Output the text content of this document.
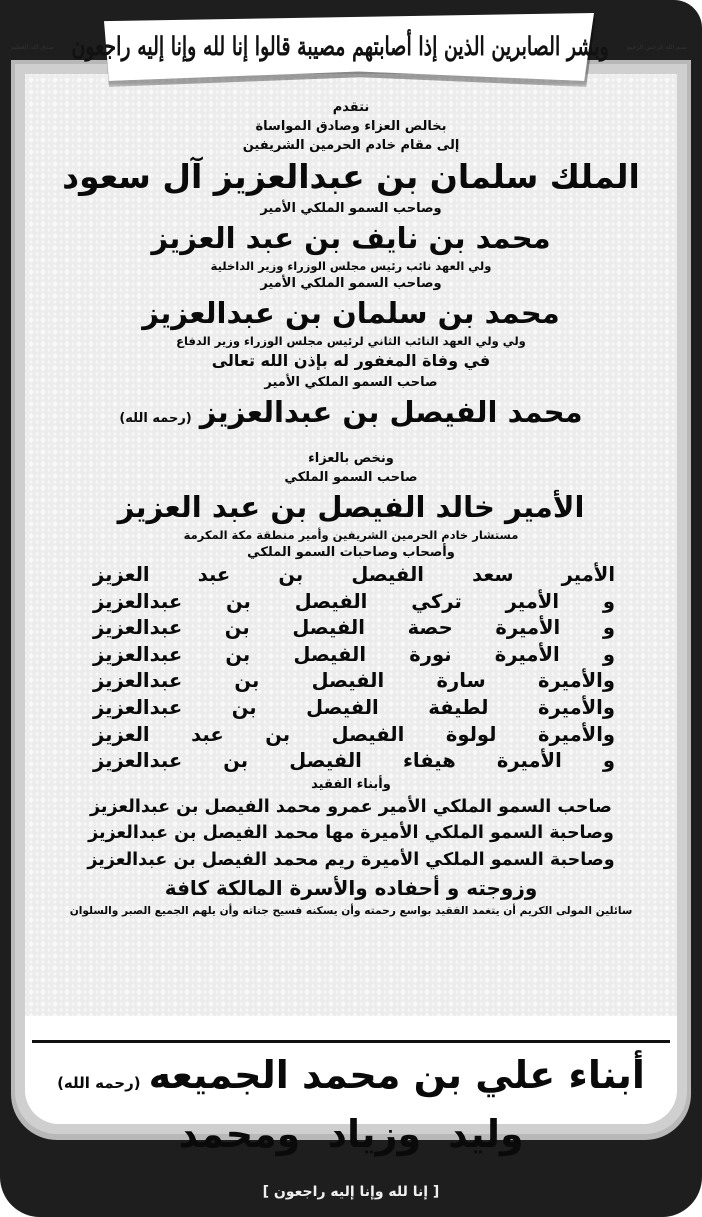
بسم الله الرحمن الرحيم
وبشر الصابرين الذين إذا أصابتهم مصيبة قالوا إنا لله وإنا إليه راجعون
صدق الله العظيم
نتقدم
بخالص العزاء وصادق المواساة
إلى مقام خادم الحرمين الشريفين
الملك سلمان بن عبدالعزيز آل سعود
وصاحب السمو الملكي الأمير
محمد بن نايف بن عبد العزيز
ولي العهد نائب رئيس مجلس الوزراء وزير الداخلية
وصاحب السمو الملكي الأمير
محمد بن سلمان بن عبدالعزيز
ولي ولي العهد النائب الثاني لرئيس مجلس الوزراء وزير الدفاع
في وفاة المغفور له بإذن الله تعالى
صاحب السمو الملكي الأمير
محمد الفيصل بن عبدالعزيز(رحمه الله)
ونخص بالعزاء
صاحب السمو الملكي
الأمير خالد الفيصل بن عبد العزيز
مستشار خادم الحرمين الشريفين وأمير منطقة مكة المكرمة
وأصحاب وصاحبات السمو الملكي
الأمير سعد الفيصل بن عبد العزيز
و الأمير تركي الفيصل بن عبدالعزيز
و الأميرة حصة الفيصل بن عبدالعزيز
و الأميرة نورة الفيصل بن عبدالعزيز
والأميرة سارة الفيصل بن عبدالعزيز
والأميرة لطيفة الفيصل بن عبدالعزيز
والأميرة لولوة الفيصل بن عبد العزيز
و الأميرة هيفاء الفيصل بن عبدالعزيز
وأبناء الفقيد
صاحب السمو الملكي الأمير عمرو محمد الفيصل بن عبدالعزيز
وصاحبة السمو الملكي الأميرة مها محمد الفيصل بن عبدالعزيز
وصاحبة السمو الملكي الأميرة ريم محمد الفيصل بن عبدالعزيز
وزوجته و أحفاده والأسرة المالكة كافة
سائلين المولى الكريم أن يتغمد الفقيد بواسع رحمته وأن يسكنه فسيح جناته وأن يلهم الجميع الصبر والسلوان
أبناء علي بن محمد الجميعه(رحمه الله)
وليد وزياد ومحمد
[ إنا لله وإنا إليه راجعون ]
